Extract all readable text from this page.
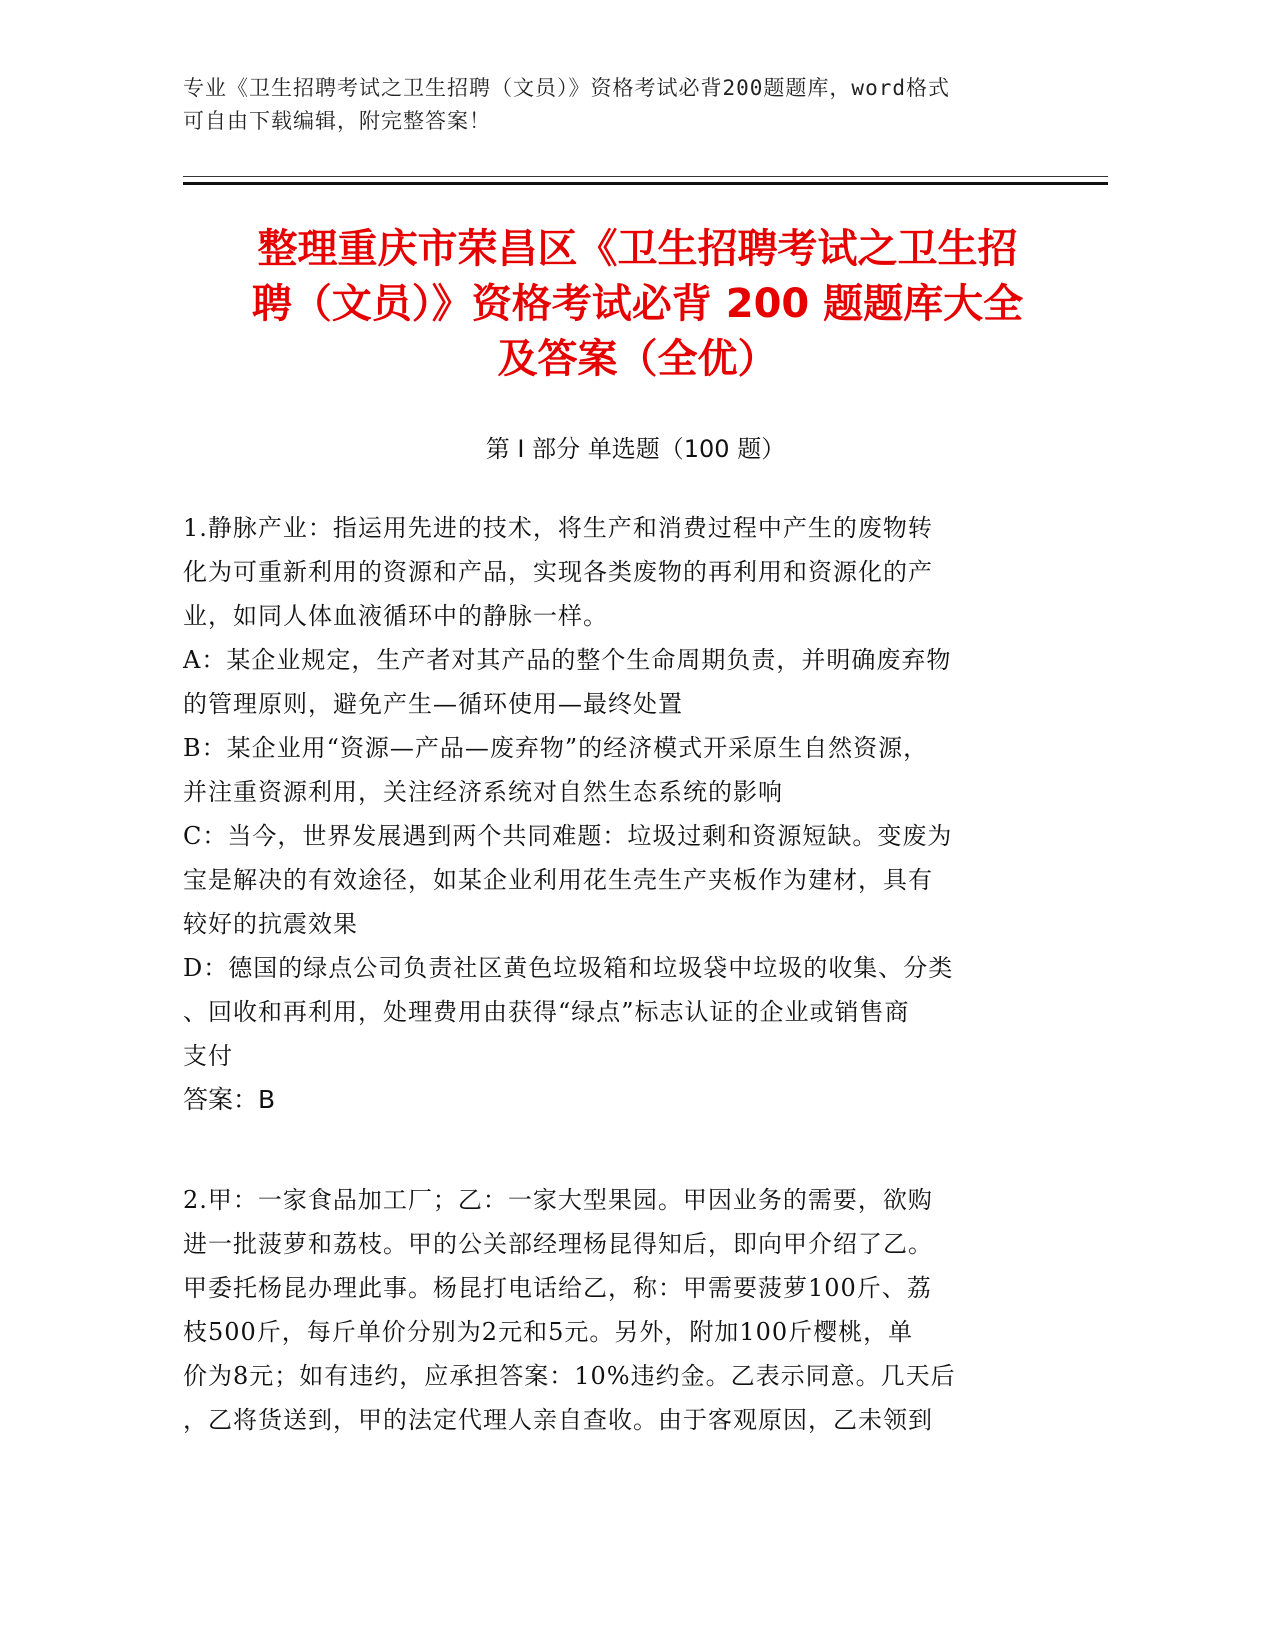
专业《卫生招聘考试之卫生招聘（文员）》资格考试必背200题题库，word格式
可自由下载编辑，附完整答案！
整理重庆市荣昌区《卫生招聘考试之卫生招
聘（文员）》资格考试必背 200 题题库大全
及答案（全优）
第 I 部分 单选题（100 题）

1.静脉产业：指运用先进的技术，将生产和消费过程中产生的废物转

化为可重新利用的资源和产品，实现各类废物的再利用和资源化的产

业，如同人体血液循环中的静脉一样。

A：某企业规定，生产者对其产品的整个生命周期负责，并明确废弃物

的管理原则，避免产生—循环使用—最终处置

B：某企业用“资源—产品—废弃物”的经济模式开采原生自然资源，

并注重资源利用，关注经济系统对自然生态系统的影响

C：当今，世界发展遇到两个共同难题：垃圾过剩和资源短缺。变废为

宝是解决的有效途径，如某企业利用花生壳生产夹板作为建材，具有

较好的抗震效果

D：德国的绿点公司负责社区黄色垃圾箱和垃圾袋中垃圾的收集、分类

、回收和再利用，处理费用由获得“绿点”标志认证的企业或销售商

支付

答案：B

2.甲：一家食品加工厂；乙：一家大型果园。甲因业务的需要，欲购

进一批菠萝和荔枝。甲的公关部经理杨昆得知后，即向甲介绍了乙。

甲委托杨昆办理此事。杨昆打电话给乙，称：甲需要菠萝100斤、荔

枝500斤，每斤单价分别为2元和5元。另外，附加100斤樱桃，单

价为8元；如有违约，应承担答案：10%违约金。乙表示同意。几天后

，乙将货送到，甲的法定代理人亲自查收。由于客观原因，乙未领到
